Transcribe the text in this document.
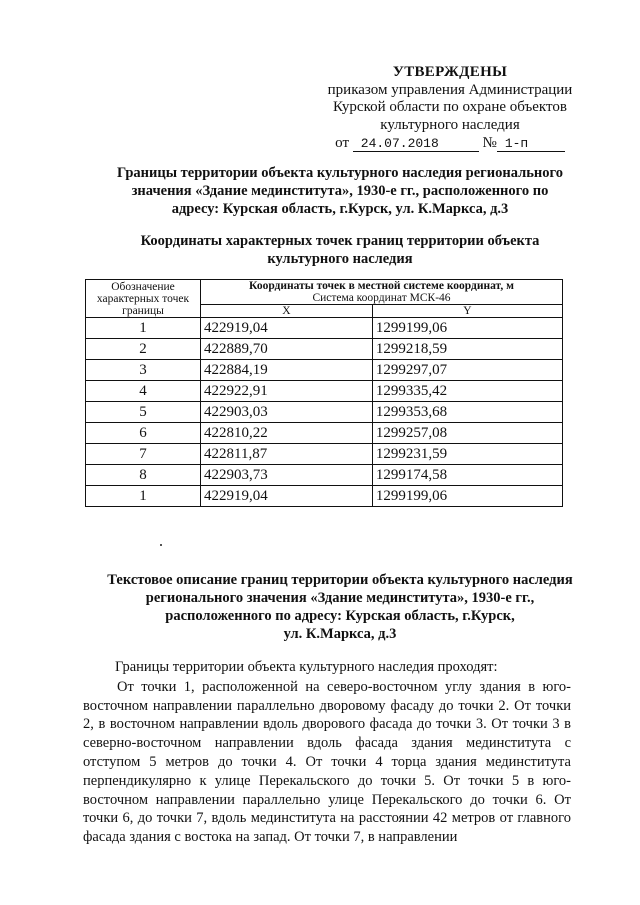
УТВЕРЖДЕНЫ
приказом управления Администрации
Курской области по охране объектов
культурного наследия
от 24.07.2018	№ 1-п
Границы территории объекта культурного наследия регионального
значения «Здание мединститута», 1930-е гг., расположенного по
адресу: Курская область, г.Курск, ул. К.Маркса, д.3
Координаты характерных точек границ территории объекта
культурного наследия
Обозначение характерных точек границы	Координаты точек в местной системе координат, м
Система координат МСК-46	
	X	Y
1	422919,04	1299199,06
2	422889,70	1299218,59
3	422884,19	1299297,07
4	422922,91	1299335,42
5	422903,03	1299353,68
6	422810,22	1299257,08
7	422811,87	1299231,59
8	422903,73	1299174,58
1	422919,04	1299199,06
Текстовое описание границ территории объекта культурного наследия
регионального значения «Здание мединститута», 1930-е гг.,
расположенного по адресу: Курская область, г.Курск,
ул. К.Маркса, д.3

Границы территории объекта культурного наследия проходят:

От точки 1, расположенной на северо-восточном углу здания в юго-восточном направлении параллельно дворовому фасаду до точки 2. От точки 2, в восточном направлении вдоль дворового фасада до точки 3. От точки 3 в северно-восточном направлении вдоль фасада здания мединститута с отступом 5 метров до точки 4. От точки 4 торца здания мединститута перпендикулярно к улице Перекальского до точки 5. От точки 5 в юго-восточном направлении параллельно улице Перекальского до точки 6. От точки 6, до точки 7, вдоль мединститута на расстоянии 42 метров от главного фасада здания с востока на запад. От точки 7, в направлении
